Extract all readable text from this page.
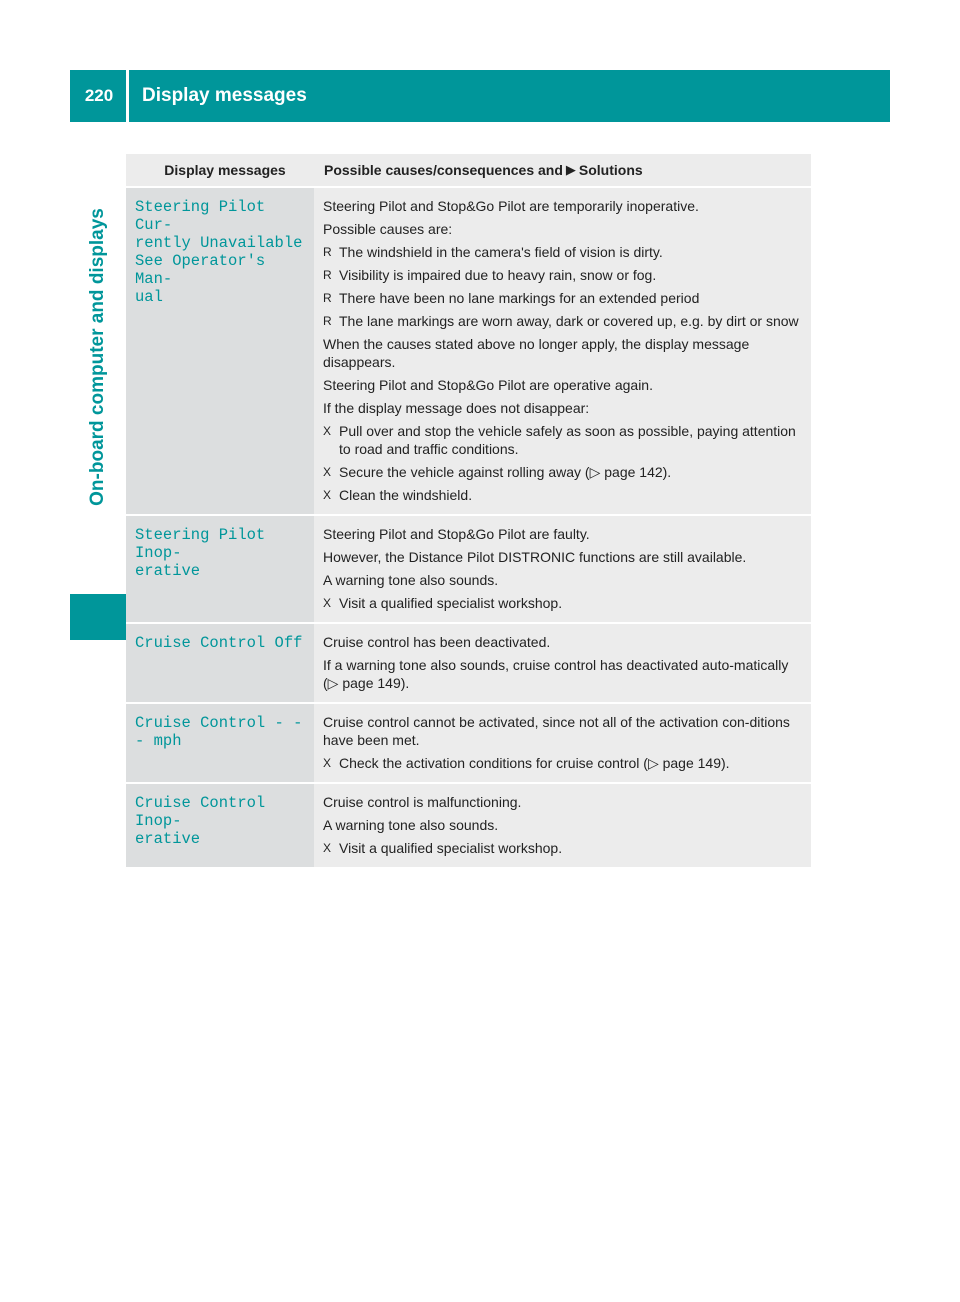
220	Display messages
On-board computer and displays
Display messages	Possible causes/consequences and ▶ Solutions
Steering Pilot Cur‐
rently Unavailable
See Operator's Man‐
ual

Steering Pilot and Stop&Go Pilot are temporarily inoperative.

Possible causes are:

R The windshield in the camera's field of vision is dirty.
R Visibility is impaired due to heavy rain, snow or fog.
R There have been no lane markings for an extended period
R The lane markings are worn away, dark or covered up, e.g. by dirt or snow

When the causes stated above no longer apply, the display message disappears.

Steering Pilot and Stop&Go Pilot are operative again.

If the display message does not disappear:

X Pull over and stop the vehicle safely as soon as possible, paying attention to road and traffic conditions.
X Secure the vehicle against rolling away (▷ page 142).
X Clean the windshield.
Steering Pilot Inop‐
erative

Steering Pilot and Stop&Go Pilot are faulty.

However, the Distance Pilot DISTRONIC functions are still available.

A warning tone also sounds.

X Visit a qualified specialist workshop.
Cruise Control Off Cruise control has been deactivated.

If a warning tone also sounds, cruise control has deactivated auto‐matically (▷ page 149).

Cruise Control - -
- mph

Cruise control cannot be activated, since not all of the activation con‐ditions have been met.

X Check the activation conditions for cruise control (▷ page 149).
Cruise Control Inop‐
erative

Cruise control is malfunctioning.

A warning tone also sounds.

X Visit a qualified specialist workshop.
